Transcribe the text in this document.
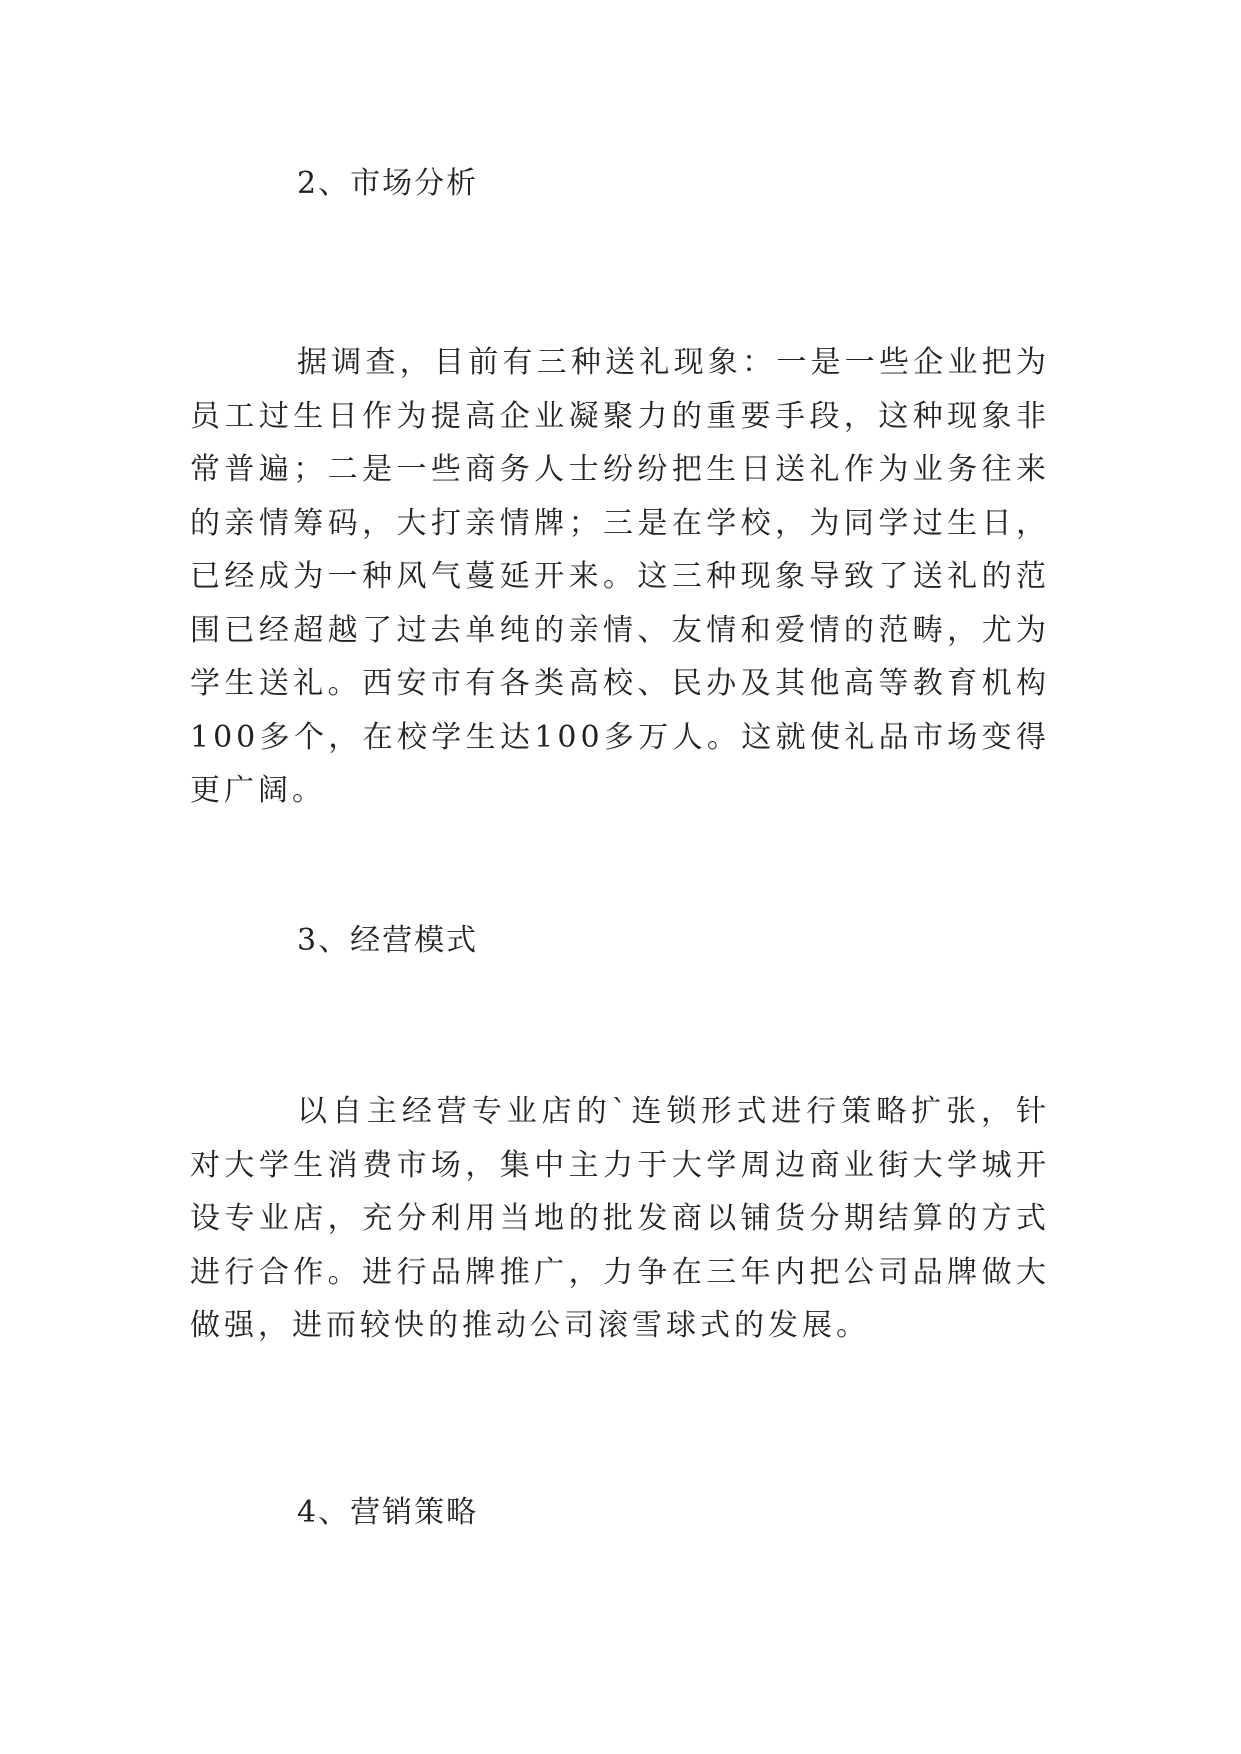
2、市场分析

据调查，目前有三种送礼现象：一是一些企业把为员工过生日作为提高企业凝聚力的重要手段，这种现象非常普遍；二是一些商务人士纷纷把生日送礼作为业务往来的亲情筹码，大打亲情牌；三是在学校，为同学过生日，已经成为一种风气蔓延开来。这三种现象导致了送礼的范围已经超越了过去单纯的亲情、友情和爱情的范畴，尤为学生送礼。西安市有各类高校、民办及其他高等教育机构100多个，在校学生达100多万人。这就使礼品市场变得更广阔。

3、经营模式

以自主经营专业店的`连锁形式进行策略扩张，针对大学生消费市场，集中主力于大学周边商业街大学城开设专业店，充分利用当地的批发商以铺货分期结算的方式进行合作。进行品牌推广，力争在三年内把公司品牌做大做强，进而较快的推动公司滚雪球式的发展。

4、营销策略
